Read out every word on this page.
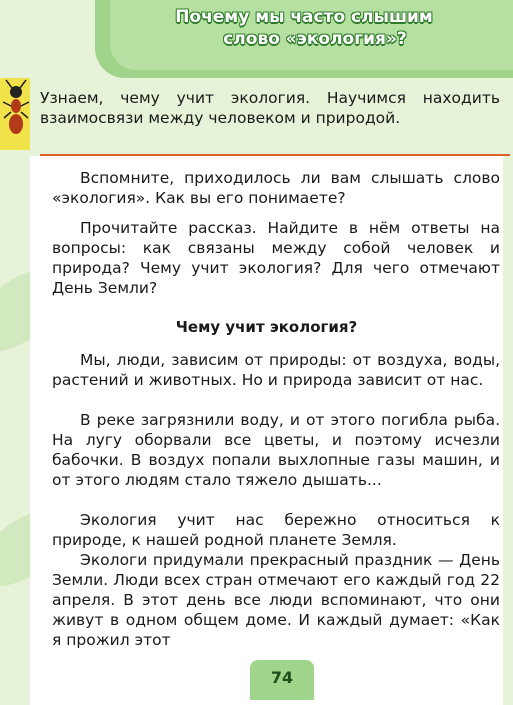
Почему мы часто слышим
слово «экология»?
Узнаем, чему учит экология. Научимся находить взаимосвязи между человеком и природой.
Вспомните, приходилось ли вам слышать слово «экология». Как вы его понимаете?
Прочитайте рассказ. Найдите в нём ответы на вопросы: как связаны между собой человек и природа? Чему учит экология? Для чего отмечают День Земли?
Чему учит экология?
Мы, люди, зависим от природы: от воздуха, воды, растений и животных. Но и природа зависит от нас.
В реке загрязнили воду, и от этого погибла рыба. На лугу оборвали все цветы, и поэтому исчезли бабочки. В воздух попали выхлопные газы машин, и от этого людям стало тяжело дышать...
Экология учит нас бережно относиться к природе, к нашей родной планете Земля.
Экологи придумали прекрасный праздник — День Земли. Люди всех стран отмечают его каждый год 22 апреля. В этот день все люди вспоминают, что они живут в одном общем доме. И каждый думает: «Как я прожил этот
74
